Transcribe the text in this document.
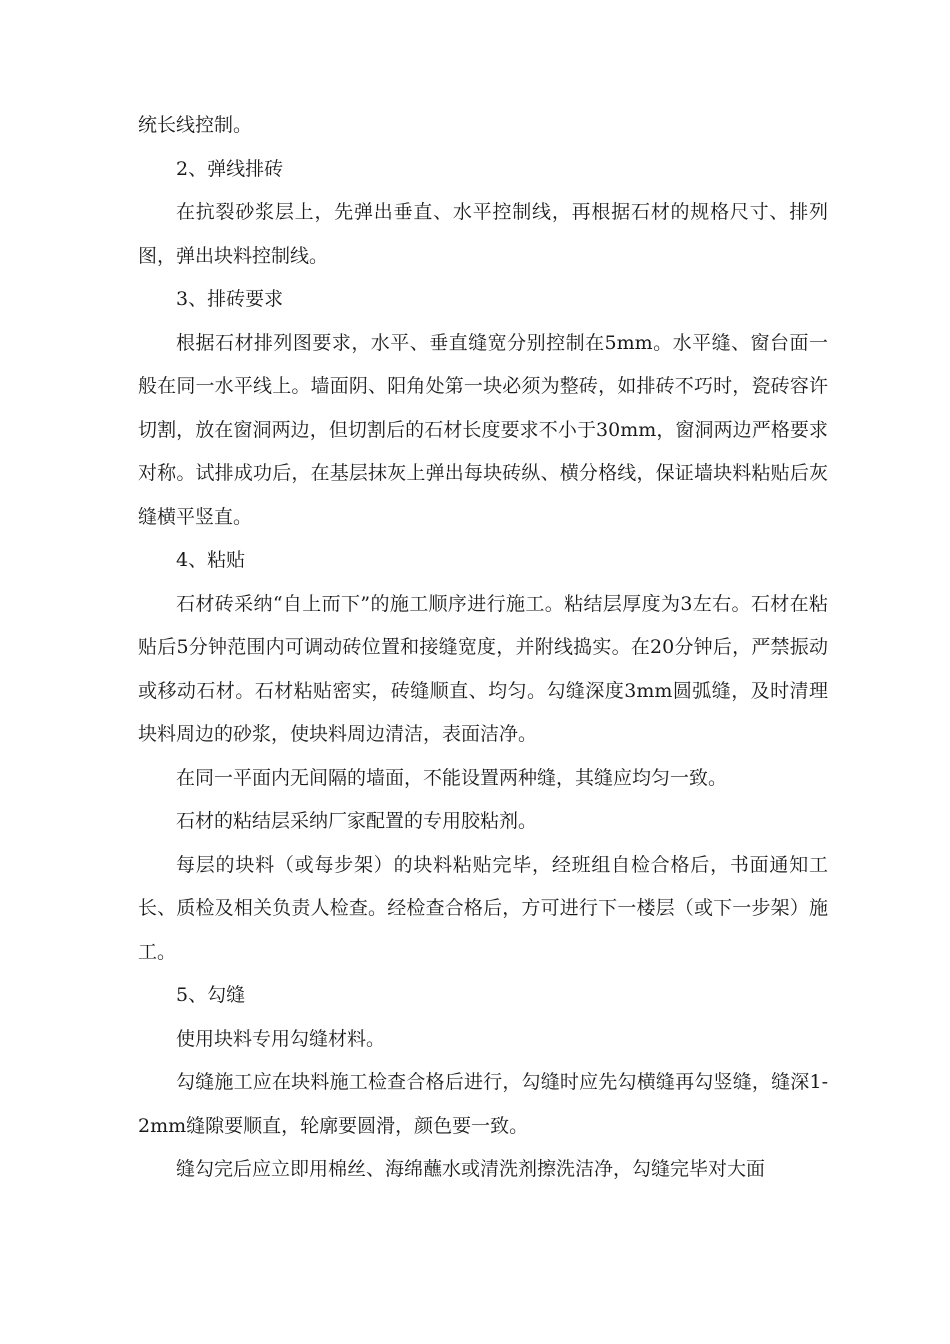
统长线控制。

2、弹线排砖

在抗裂砂浆层上，先弹出垂直、水平控制线，再根据石材的规格尺寸、排列图，弹出块料控制线。

3、排砖要求

根据石材排列图要求，水平、垂直缝宽分别控制在5mm。水平缝、窗台面一般在同一水平线上。墙面阴、阳角处第一块必须为整砖，如排砖不巧时，瓷砖容许切割，放在窗洞两边，但切割后的石材长度要求不小于30mm，窗洞两边严格要求对称。试排成功后，在基层抹灰上弹出每块砖纵、横分格线，保证墙块料粘贴后灰缝横平竖直。

4、粘贴

石材砖采纳“自上而下”的施工顺序进行施工。粘结层厚度为3左右。石材在粘贴后5分钟范围内可调动砖位置和接缝宽度，并附线捣实。在20分钟后，严禁振动或移动石材。石材粘贴密实，砖缝顺直、均匀。勾缝深度3mm圆弧缝，及时清理块料周边的砂浆，使块料周边清洁，表面洁净。

在同一平面内无间隔的墙面，不能设置两种缝，其缝应均匀一致。

石材的粘结层采纳厂家配置的专用胶粘剂。

每层的块料（或每步架）的块料粘贴完毕，经班组自检合格后，书面通知工长、质检及相关负责人检查。经检查合格后，方可进行下一楼层（或下一步架）施工。

5、勾缝

使用块料专用勾缝材料。

勾缝施工应在块料施工检查合格后进行，勾缝时应先勾横缝再勾竖缝，缝深1-2mm缝隙要顺直，轮廓要圆滑，颜色要一致。

缝勾完后应立即用棉丝、海绵蘸水或清洗剂擦洗洁净，勾缝完毕对大面
